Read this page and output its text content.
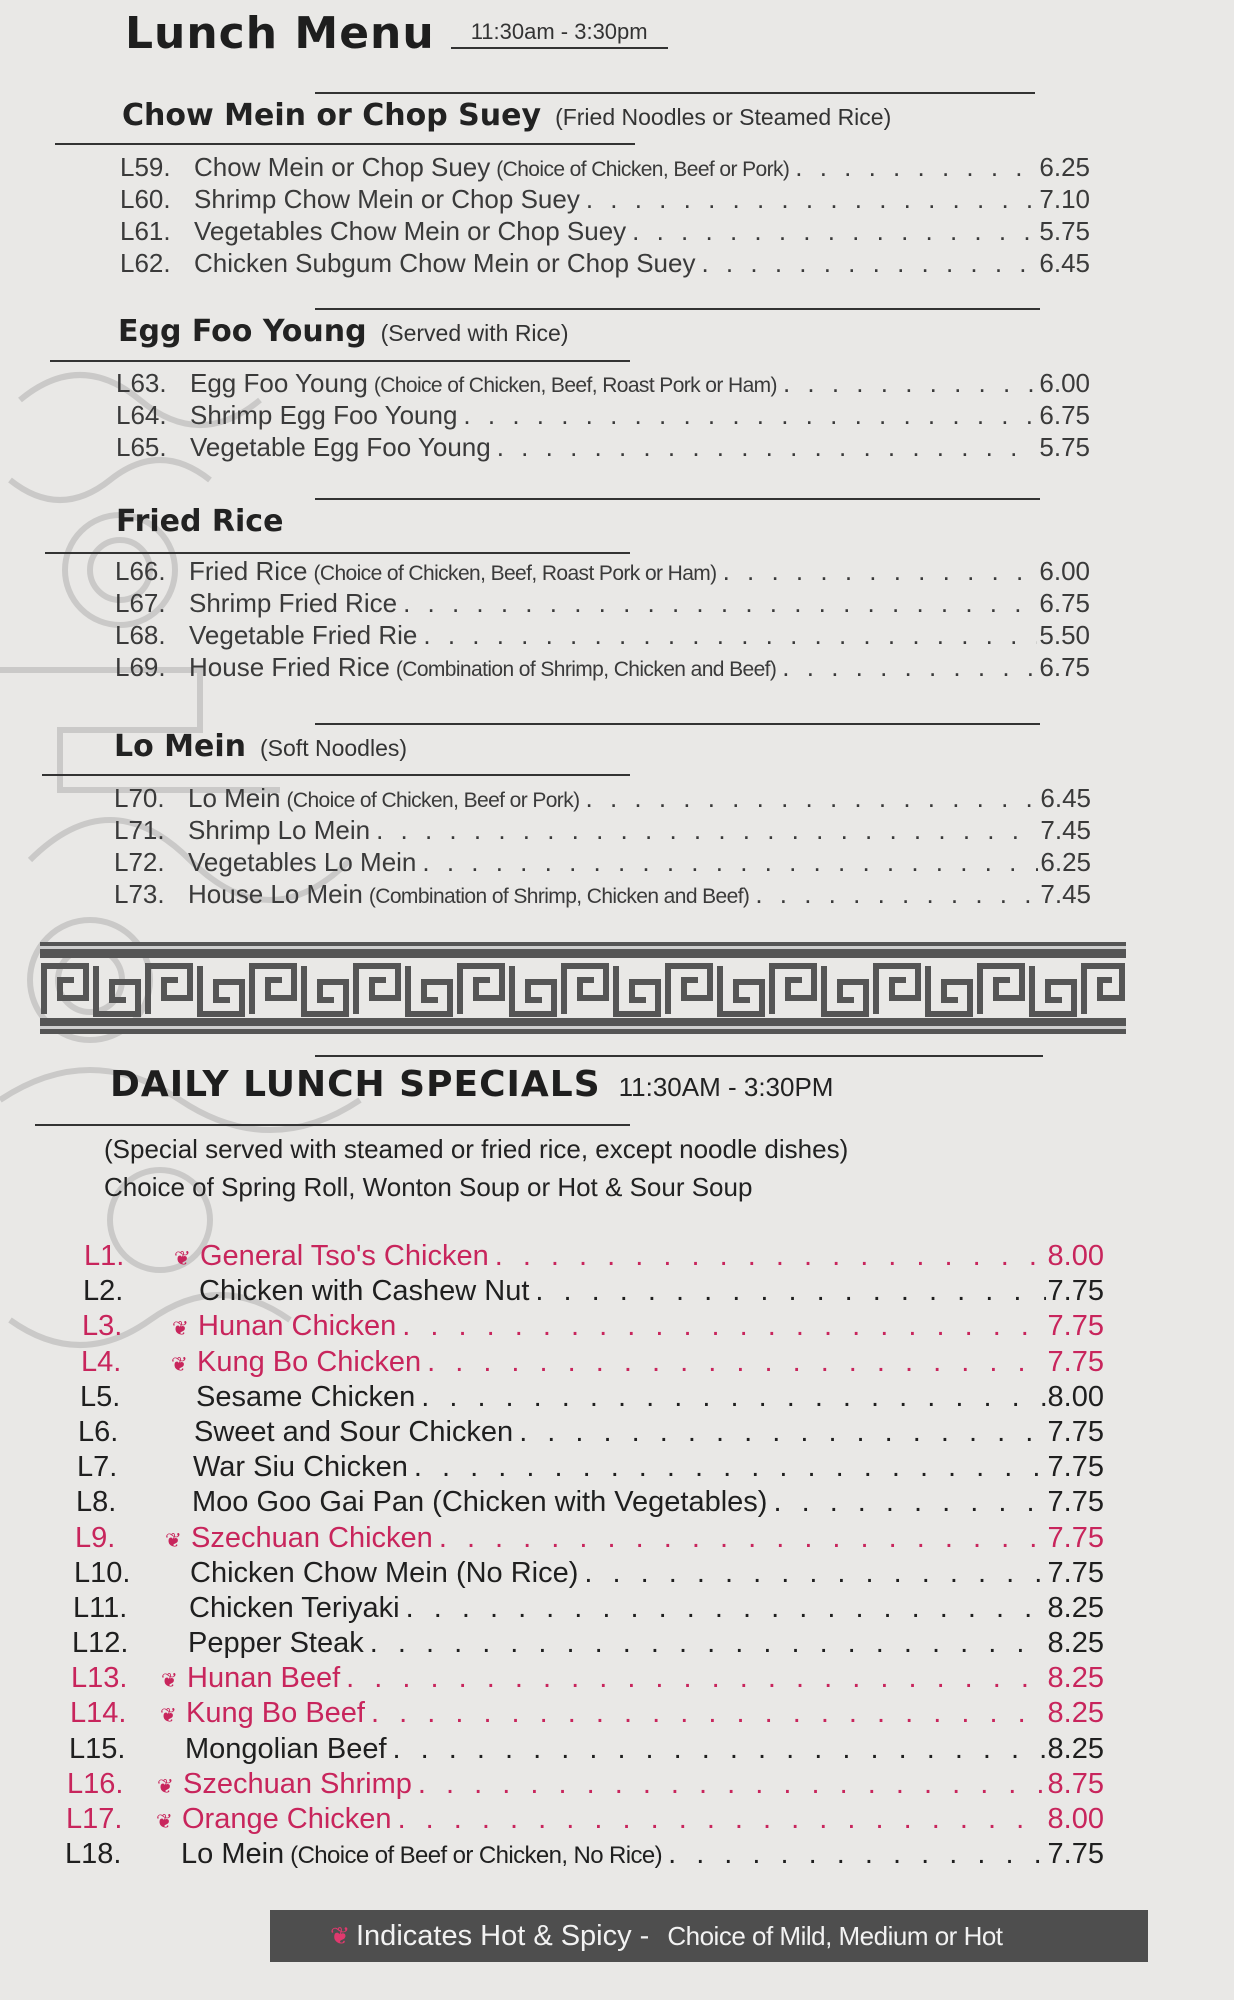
Lunch Menu	11:30am - 3:30pm
Chow Mein or Chop Suey (Fried Noodles or Steamed Rice)
L59. Chow Mein or Chop Suey (Choice of Chicken, Beef or Pork) . . .	6.25
L60. Shrimp Chow Mein or Chop Suey . . .	7.10
L61. Vegetables Chow Mein or Chop Suey . . .	5.75
L62. Chicken Subgum Chow Mein or Chop Suey . . .	6.45
Egg Foo Young (Served with Rice)
L63. Egg Foo Young (Choice of Chicken, Beef, Roast Pork or Ham) . . .	6.00
L64. Shrimp Egg Foo Young . . .	6.75
L65. Vegetable Egg Foo Young . . .	5.75
Fried Rice
L66. Fried Rice (Choice of Chicken, Beef, Roast Pork or Ham) . . .	6.00
L67. Shrimp Fried Rice . . .	6.75
L68. Vegetable Fried Rie . . .	5.50
L69. House Fried Rice (Combination of Shrimp, Chicken and Beef) . . .	6.75
Lo Mein (Soft Noodles)
L70. Lo Mein (Choice of Chicken, Beef or Pork) . . .	6.45
L71. Shrimp Lo Mein . . .	7.45
L72. Vegetables Lo Mein . . .	6.25
L73. House Lo Mein (Combination of Shrimp, Chicken and Beef) . . .	7.45
DAILY LUNCH SPECIALS 11:30AM - 3:30PM
(Special served with steamed or fried rice, except noodle dishes)
Choice of Spring Roll, Wonton Soup or Hot & Sour Soup
L1.	❦ General Tso's Chicken . . .	8.00
L2.	Chicken with Cashew Nut . . .	7.75
L3.	❦ Hunan Chicken . . .	7.75
L4.	❦ Kung Bo Chicken . . .	7.75
L5.	Sesame Chicken . . .	8.00
L6.	Sweet and Sour Chicken . . .	7.75
L7.	War Siu Chicken . . .	7.75
L8.	Moo Goo Gai Pan (Chicken with Vegetables) . . .	7.75
L9.	❦ Szechuan Chicken . . .	7.75
L10.	Chicken Chow Mein (No Rice) . . .	7.75
L11.	Chicken Teriyaki . . .	8.25
L12.	Pepper Steak . . .	8.25
L13.	❦ Hunan Beef . . .	8.25
L14.	❦ Kung Bo Beef . . .	8.25
L15.	Mongolian Beef . . .	8.25
L16.	❦ Szechuan Shrimp . . .	8.75
L17.	❦ Orange Chicken . . .	8.00
L18.	Lo Mein (Choice of Beef or Chicken, No Rice) . . .	7.75
❦ Indicates Hot & Spicy - Choice of Mild, Medium or Hot
